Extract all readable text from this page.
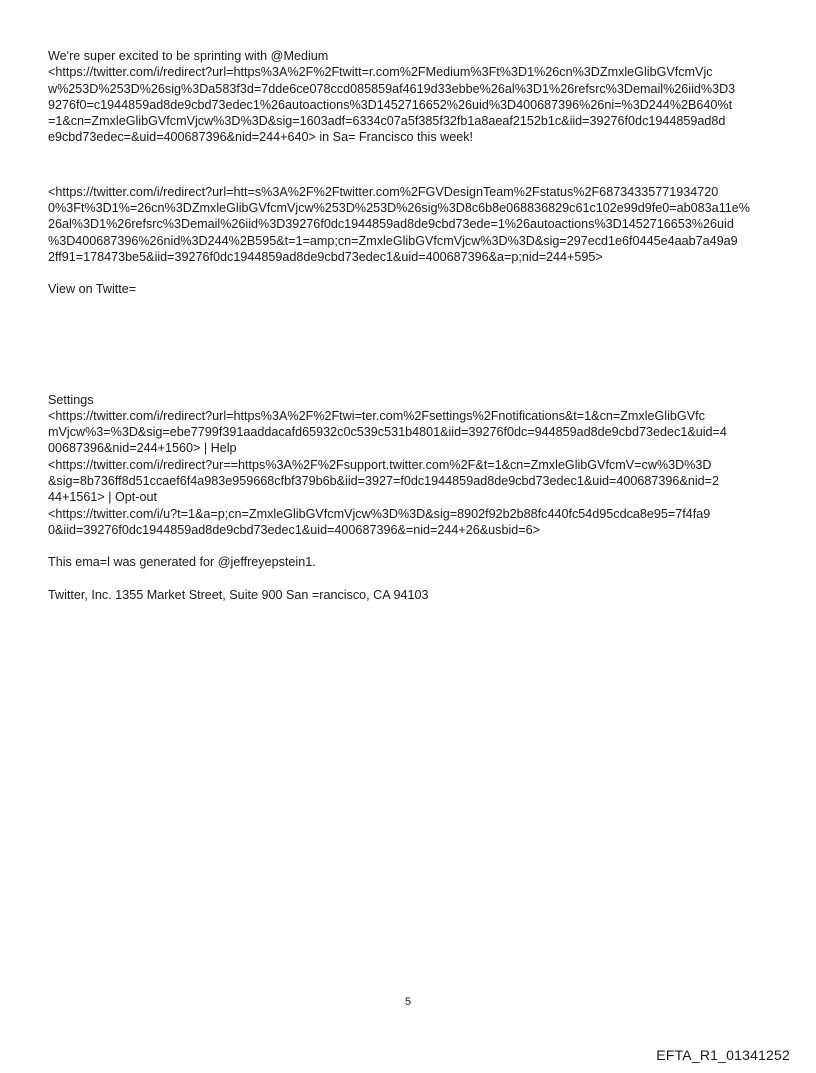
We're super excited to be sprinting with @Medium
<https://twitter.com/i/redirect?url=https%3A%2F%2Ftwitt=r.com%2FMedium%3Ft%3D1%26cn%3DZmxleGlibGVfcmVjc
w%253D%253D%26sig%3Da583f3d=7dde6ce078ccd085859af4619d33ebbe%26al%3D1%26refsrc%3Demail%26iid%3D3
9276f0=c1944859ad8de9cbd73edec1%26autoactions%3D1452716652%26uid%3D400687396%26ni=%3D244%2B640%t
=1&cn=ZmxleGlibGVfcmVjcw%3D%3D&sig=1603adf=6334c07a5f385f32fb1a8aeaf2152b1c&iid=39276f0dc1944859ad8d
e9cbd73edec=&uid=400687396&nid=244+640> in Sa= Francisco this week!

<https://twitter.com/i/redirect?url=htt=s%3A%2F%2Ftwitter.com%2FGVDesignTeam%2Fstatus%2F68734335771934720
0%3Ft%3D1%=26cn%3DZmxleGlibGVfcmVjcw%253D%253D%26sig%3D8c6b8e068836829c61c102e99d9fe0=ab083a11e%
26al%3D1%26refsrc%3Demail%26iid%3D39276f0dc1944859ad8de9cbd73ede=1%26autoactions%3D1452716653%26uid
%3D400687396%26nid%3D244%2B595&t=1=amp;cn=ZmxleGlibGVfcmVjcw%3D%3D&sig=297ecd1e6f0445e4aab7a49a9
2ff91=178473be5&iid=39276f0dc1944859ad8de9cbd73edec1&uid=400687396&a=p;nid=244+595>

View on Twitte=

Settings
<https://twitter.com/i/redirect?url=https%3A%2F%2Ftwi=ter.com%2Fsettings%2Fnotifications&t=1&cn=ZmxleGlibGVfc
mVjcw%3=%3D&sig=ebe7799f391aaddacafd65932c0c539c531b4801&iid=39276f0dc=944859ad8de9cbd73edec1&uid=4
00687396&nid=244+1560> | Help
<https://twitter.com/i/redirect?ur==https%3A%2F%2Fsupport.twitter.com%2F&t=1&cn=ZmxleGlibGVfcmV=cw%3D%3D
&sig=8b736ff8d51ccaef6f4a983e959668cfbf379b6b&iid=3927=f0dc1944859ad8de9cbd73edec1&uid=400687396&nid=2
44+1561> | Opt-out
<https://twitter.com/i/u?t=1&a=p;cn=ZmxleGlibGVfcmVjcw%3D%3D&sig=8902f92b2b88fc440fc54d95cdca8e95=7f4fa9
0&iid=39276f0dc1944859ad8de9cbd73edec1&uid=400687396&=nid=244+26&usbid=6>

This ema=l was generated for @jeffreyepstein1.

Twitter, Inc. 1355 Market Street, Suite 900 San =rancisco, CA 94103

5
EFTA_R1_01341252
